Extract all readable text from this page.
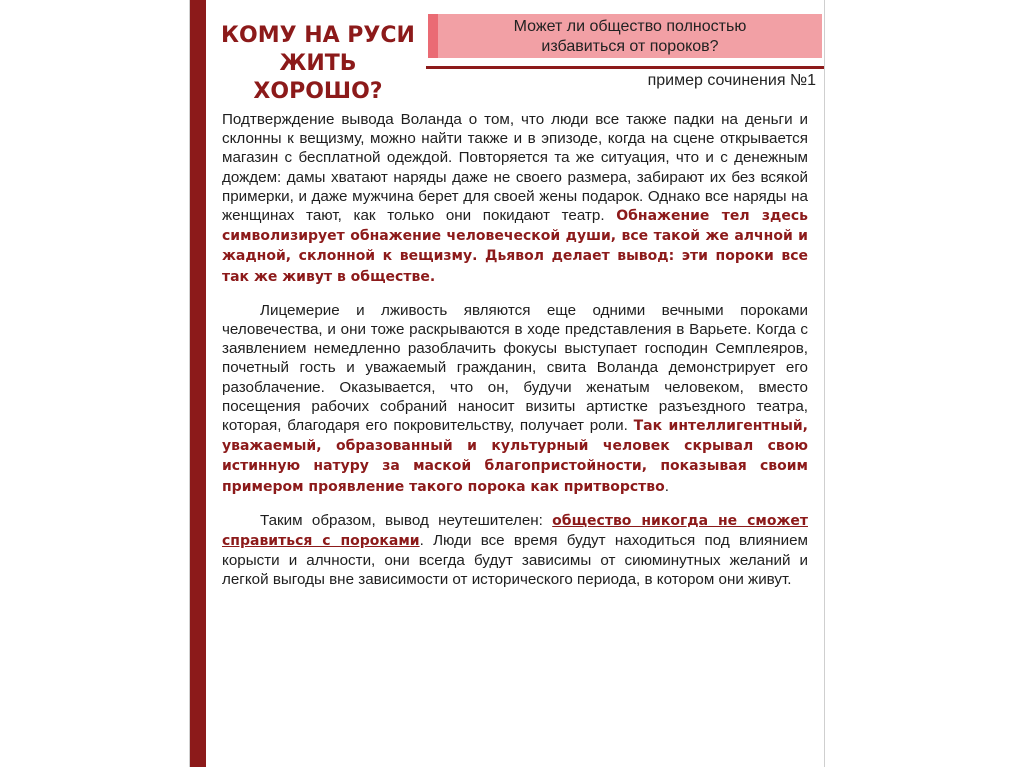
КОМУ НА РУСИ
ЖИТЬ ХОРОШО?
Может ли общество полностью
избавиться от пороков?
пример сочинения №1

Подтверждение вывода Воланда о том, что люди все также падки на деньги и склонны к вещизму, можно найти также и в эпизоде, когда на сцене открывается магазин с бесплатной одеждой. Повторяется та же ситуация, что и с денежным дождем: дамы хватают наряды даже не своего размера, забирают их без всякой примерки, и даже мужчина берет для своей жены подарок. Однако все наряды на женщинах тают, как только они покидают театр. Обнажение тел здесь символизирует обнажение человеческой души, все такой же алчной и жадной, склонной к вещизму. Дьявол делает вывод: эти пороки все так же живут в обществе.

Лицемерие и лживость являются еще одними вечными пороками человечества, и они тоже раскрываются в ходе представления в Варьете. Когда с заявлением немедленно разоблачить фокусы выступает господин Семплеяров, почетный гость и уважаемый гражданин, свита Воланда демонстрирует его разоблачение. Оказывается, что он, будучи женатым человеком, вместо посещения рабочих собраний наносит визиты артистке разъездного театра, которая, благодаря его покровительству, получает роли. Так интеллигентный, уважаемый, образованный и культурный человек скрывал свою истинную натуру за маской благопристойности, показывая своим примером проявление такого порока как притворство.

Таким образом, вывод неутешителен: общество никогда не сможет справиться с пороками. Люди все время будут находиться под влиянием корысти и алчности, они всегда будут зависимы от сиюминутных желаний и легкой выгоды вне зависимости от исторического периода, в котором они живут.
